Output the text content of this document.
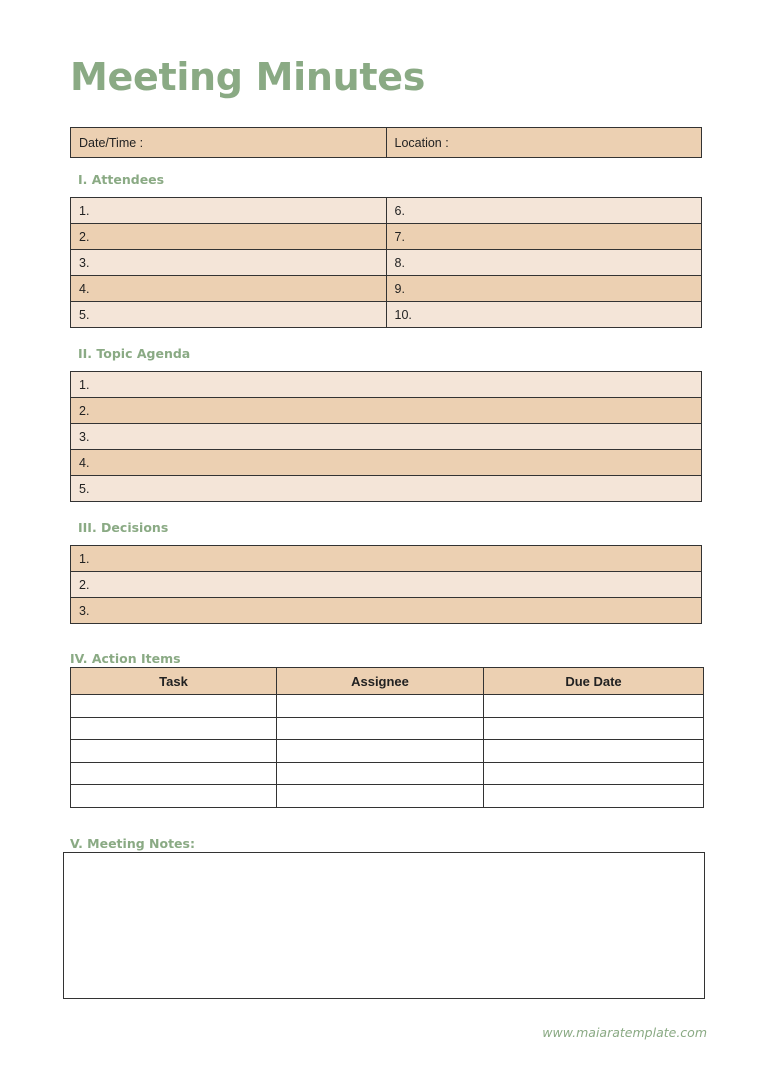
Meeting Minutes
Date/Time :	Location :
I. Attendees
1.	6.
2.	7.
3.	8.
4.	9.
5.	10.
II. Topic Agenda
1.
2.
3.
4.
5.
III. Decisions
1.
2.
3.
IV. Action Items
Task	Assignee	Due Date

V. Meeting Notes:
www.maiaratemplate.com
